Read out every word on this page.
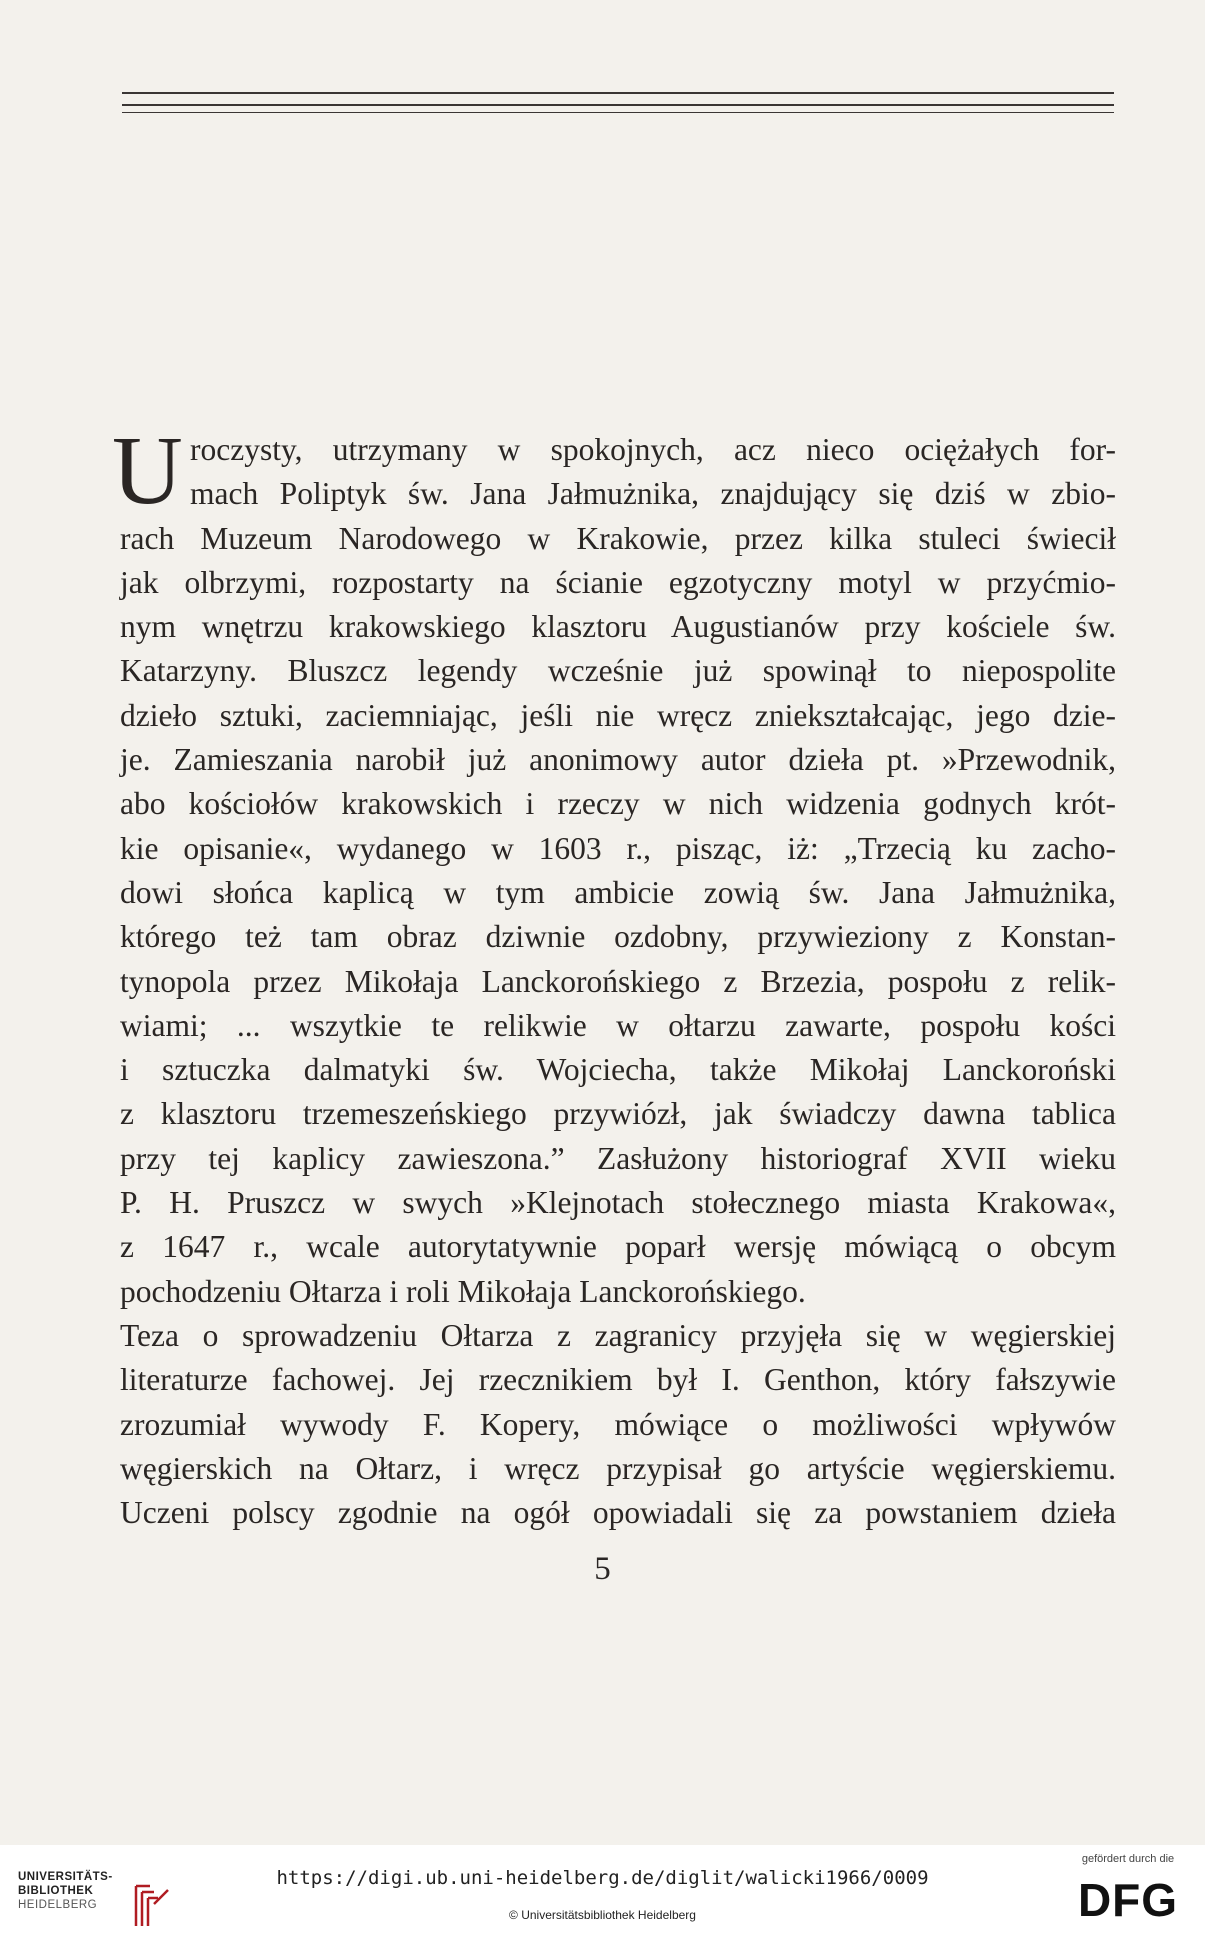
U roczysty, utrzymany w spokojnych, acz nieco ociężałych for-
mach Poliptyk św. Jana Jałmużnika, znajdujący się dziś w zbio-
rach Muzeum Narodowego w Krakowie, przez kilka stuleci świecił
jak olbrzymi, rozpostarty na ścianie egzotyczny motyl w przyćmio-
nym wnętrzu krakowskiego klasztoru Augustianów przy kościele św.
Katarzyny. Bluszcz legendy wcześnie już spowinął to niepospolite
dzieło sztuki, zaciemniając, jeśli nie wręcz zniekształcając, jego dzie-
je. Zamieszania narobił już anonimowy autor dzieła pt. »Przewodnik,
abo kościołów krakowskich i rzeczy w nich widzenia godnych krót-
kie opisanie«, wydanego w 1603 r., pisząc, iż: „Trzecią ku zacho-
dowi słońca kaplicą w tym ambicie zowią św. Jana Jałmużnika,
którego też tam obraz dziwnie ozdobny, przywieziony z Konstan-
tynopola przez Mikołaja Lanckorońskiego z Brzezia, pospołu z relik-
wiami; ... wszytkie te relikwie w ołtarzu zawarte, pospołu kości
i sztuczka dalmatyki św. Wojciecha, także Mikołaj Lanckoroński
z klasztoru trzemeszeńskiego przywiózł, jak świadczy dawna tablica
przy tej kaplicy zawieszona.” Zasłużony historiograf XVII wieku
P. H. Pruszcz w swych »Klejnotach stołecznego miasta Krakowa«,
z 1647 r., wcale autorytatywnie poparł wersję mówiącą o obcym
pochodzeniu Ołtarza i roli Mikołaja Lanckorońskiego.
Teza o sprowadzeniu Ołtarza z zagranicy przyjęła się w węgierskiej
literaturze fachowej. Jej rzecznikiem był I. Genthon, który fałszywie
zrozumiał wywody F. Kopery, mówiące o możliwości wpływów
węgierskich na Ołtarz, i wręcz przypisał go artyście węgierskiemu.
Uczeni polscy zgodnie na ogół opowiadali się za powstaniem dzieła
5
UNIVERSITÄTS-
BIBLIOTHEK
HEIDELBERG
https://digi.ub.uni-heidelberg.de/diglit/walicki1966/0009
© Universitätsbibliothek Heidelberg
gefördert durch die
DFG
